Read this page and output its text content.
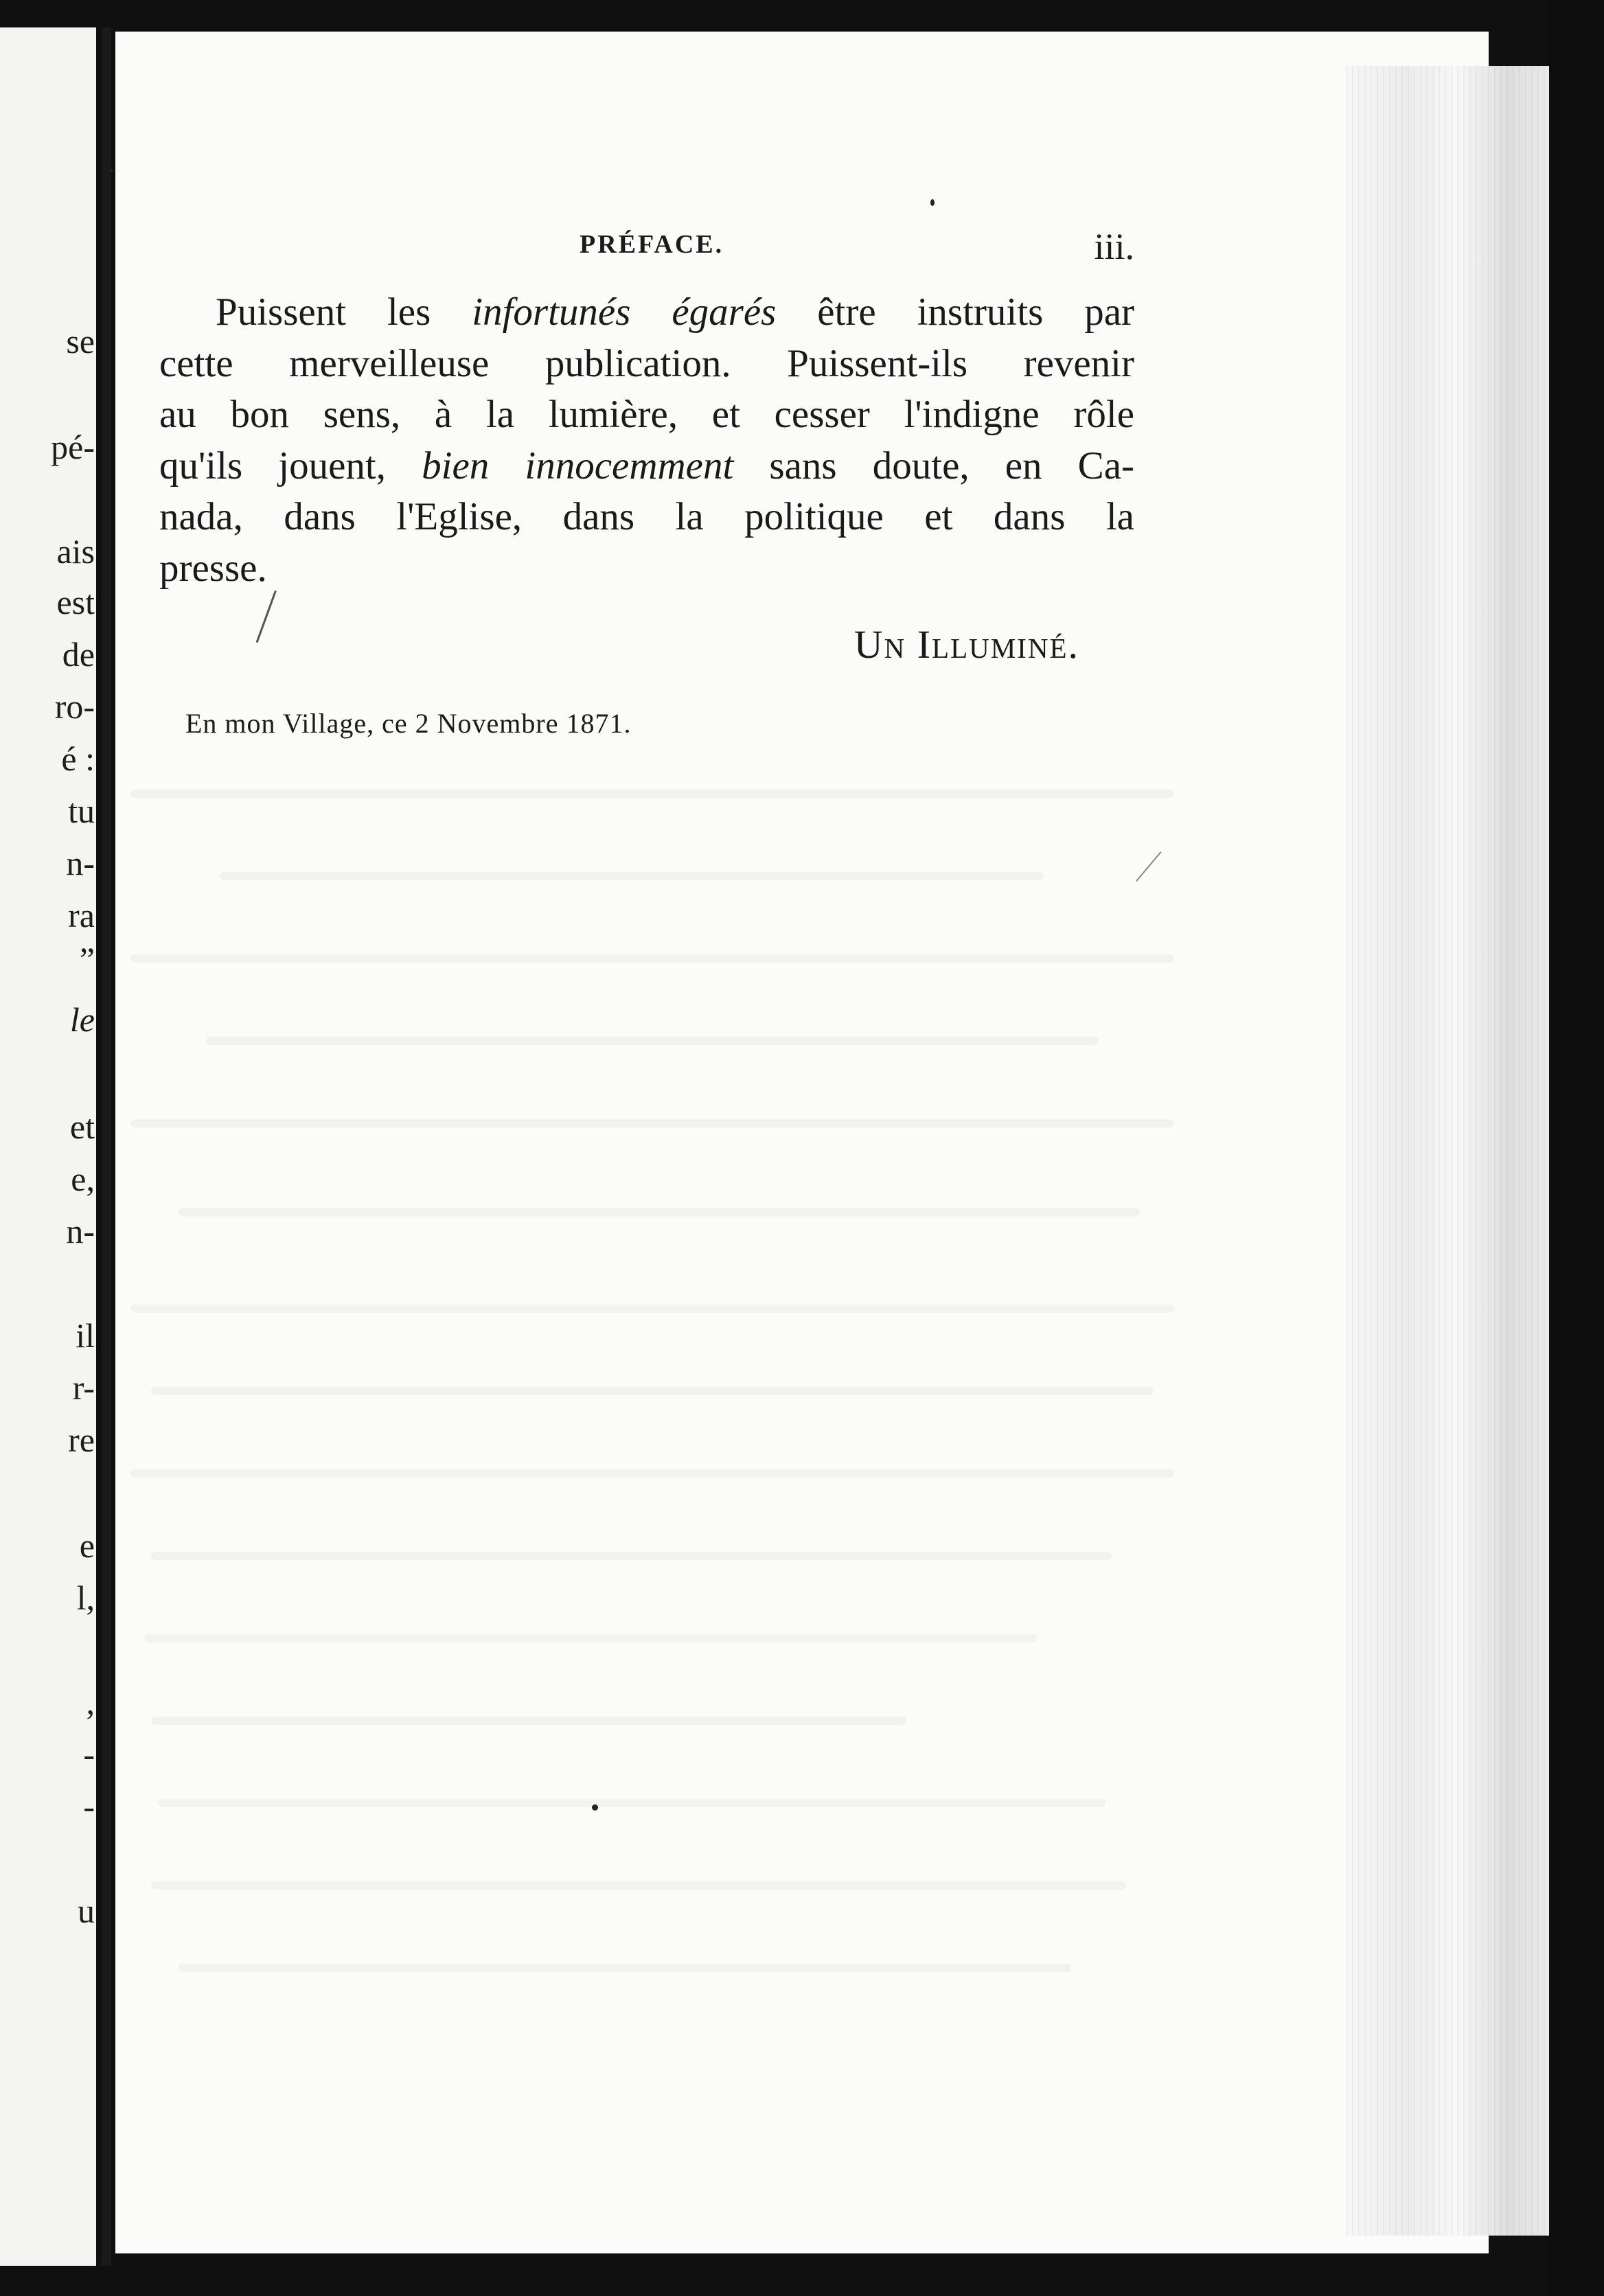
se
pé-
ais
est
de
ro-
é :
tu
n-
ra
”
le
et
e,
n-
il
r-
re
e
l,
,
-
-
u
PRÉFACE.	iii.
Puissent les infortunés égarés être instruits par
cette merveilleuse publication. Puissent-ils revenir
au bon sens, à la lumière, et cesser l'indigne rôle
qu'ils jouent, bien innocemment sans doute, en Ca-
nada, dans l'Eglise, dans la politique et dans la
presse.
Un Illuminé.
En mon Village, ce 2 Novembre 1871.
